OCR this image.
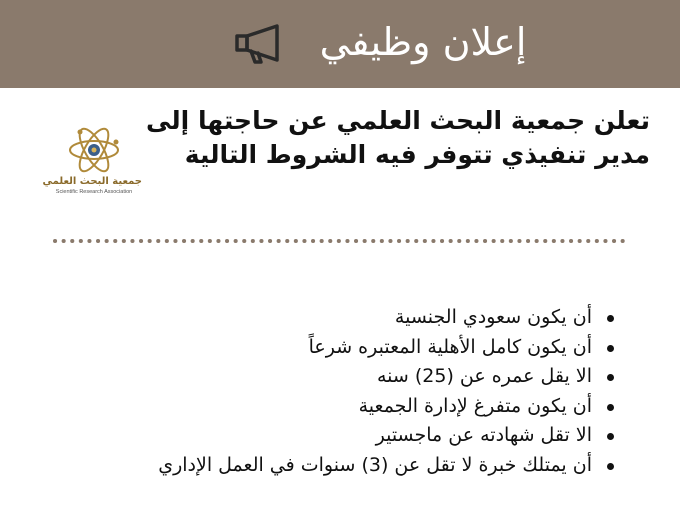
إعلان وظيفي
تعلن جمعية البحث العلمي عن حاجتها إلى
مدير تنفيذي تتوفر فيه الشروط التالية
جمعية البحث العلمي
Scientific Research Association
أن يكون سعودي الجنسية
أن يكون كامل الأهلية المعتبره شرعاً
الا يقل عمره عن (25) سنه
أن يكون متفرغ لإدارة الجمعية
الا تقل شهادته عن ماجستير
أن يمتلك خبرة لا تقل عن (3) سنوات في العمل الإداري
